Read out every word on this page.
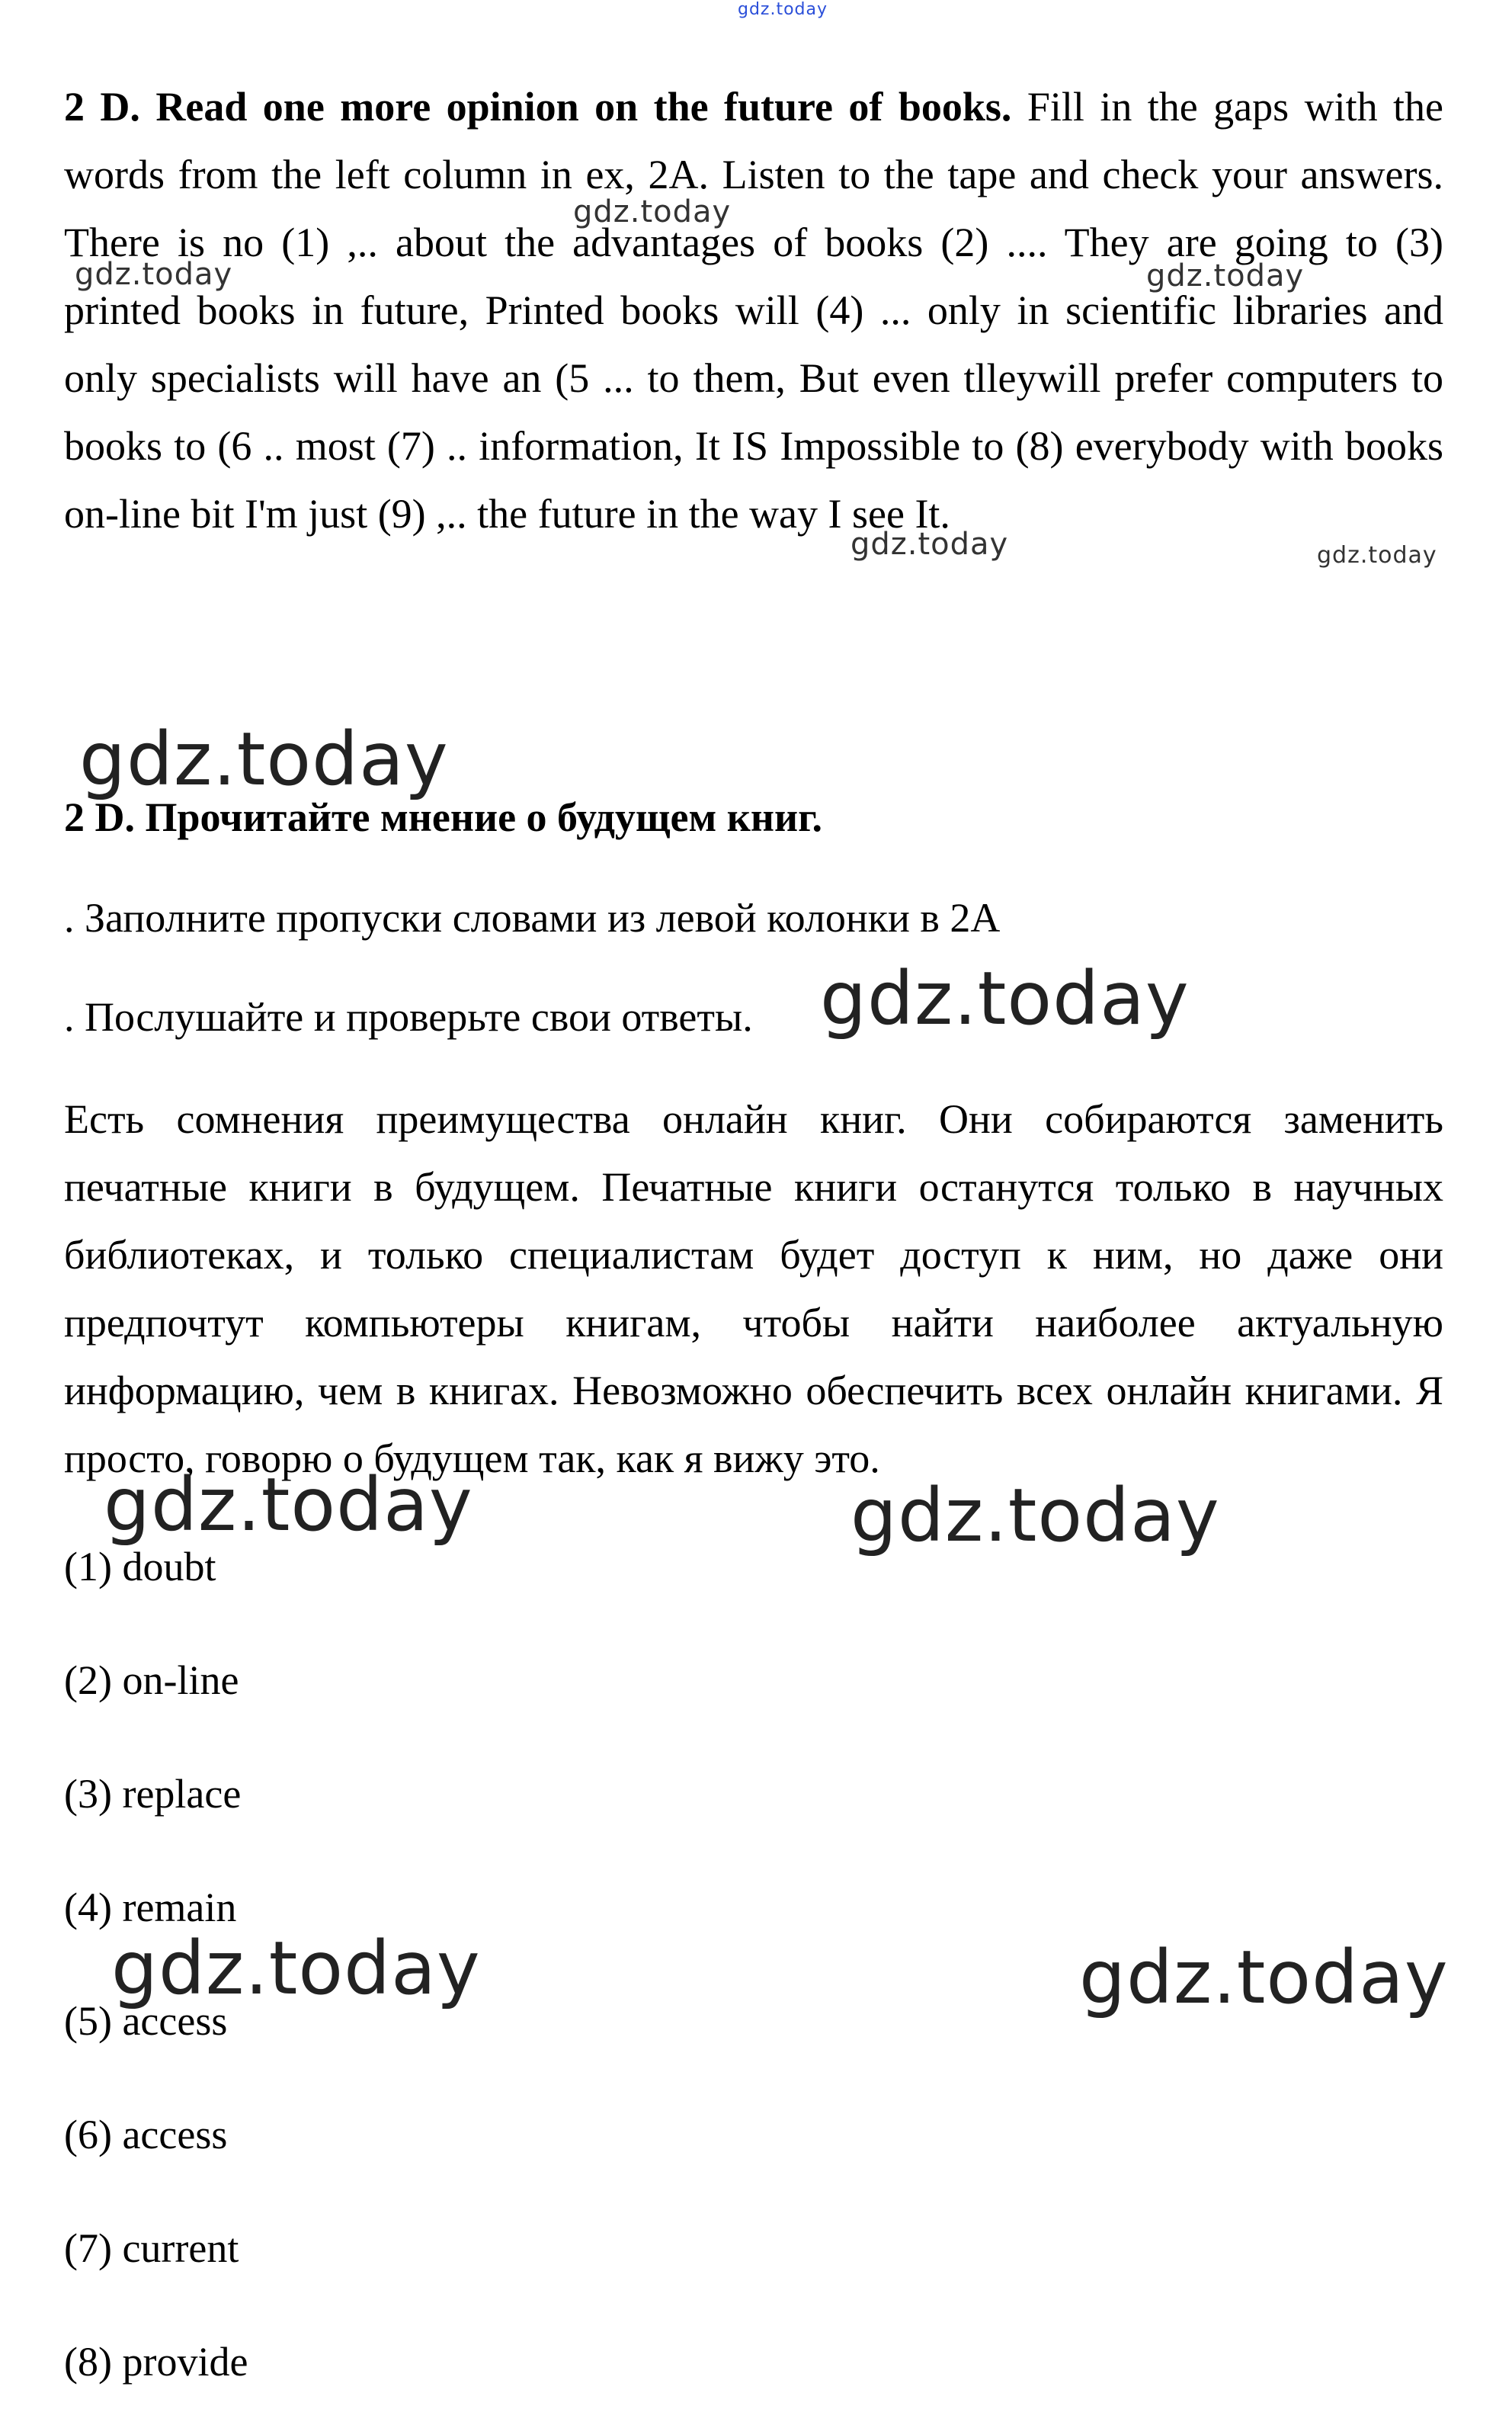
gdz.today
2 D. Read one more opinion on the future of books. Fill in the gaps with the words from the left column in ex, 2A. Listen to the tape and check your answers. There is no (1) ,.. about the advantages of books (2) .... They are going to (3) printed books in future, Printed books will (4) ... only in scientific libraries and only specialists will have an (5 ... to them, But even tlleywill prefer computers to books to (6 .. most (7) .. information, It IS Impossible to (8) everybody with books on-line bit I'm just (9) ,.. the future in the way I see It.
gdz.today
gdz.today	gdz.today
gdz.today	gdz.today
gdz.today
2 D. Прочитайте мнение о будущем книг.
. Заполните пропуски словами из левой колонки в 2А
. Послушайте и проверьте свои ответы. gdz.today
Есть сомнения преимущества онлайн книг. Они собираются заменить печатные книги в будущем. Печатные книги останутся только в научных библиотеках, и только специалистам будет доступ к ним, но даже они предпочтут компьютеры книгам, чтобы найти наиболее актуальную информацию, чем в книгах. Невозможно обеспечить всех онлайн книгами. Я просто, говорю о будущем так, как я вижу это.
gdz.today	gdz.today
(1) doubt
(2) on-line
(3) replace
(4) remain
gdz.today	gdz.today
(5) access
(6) access
(7) current
(8) provide
